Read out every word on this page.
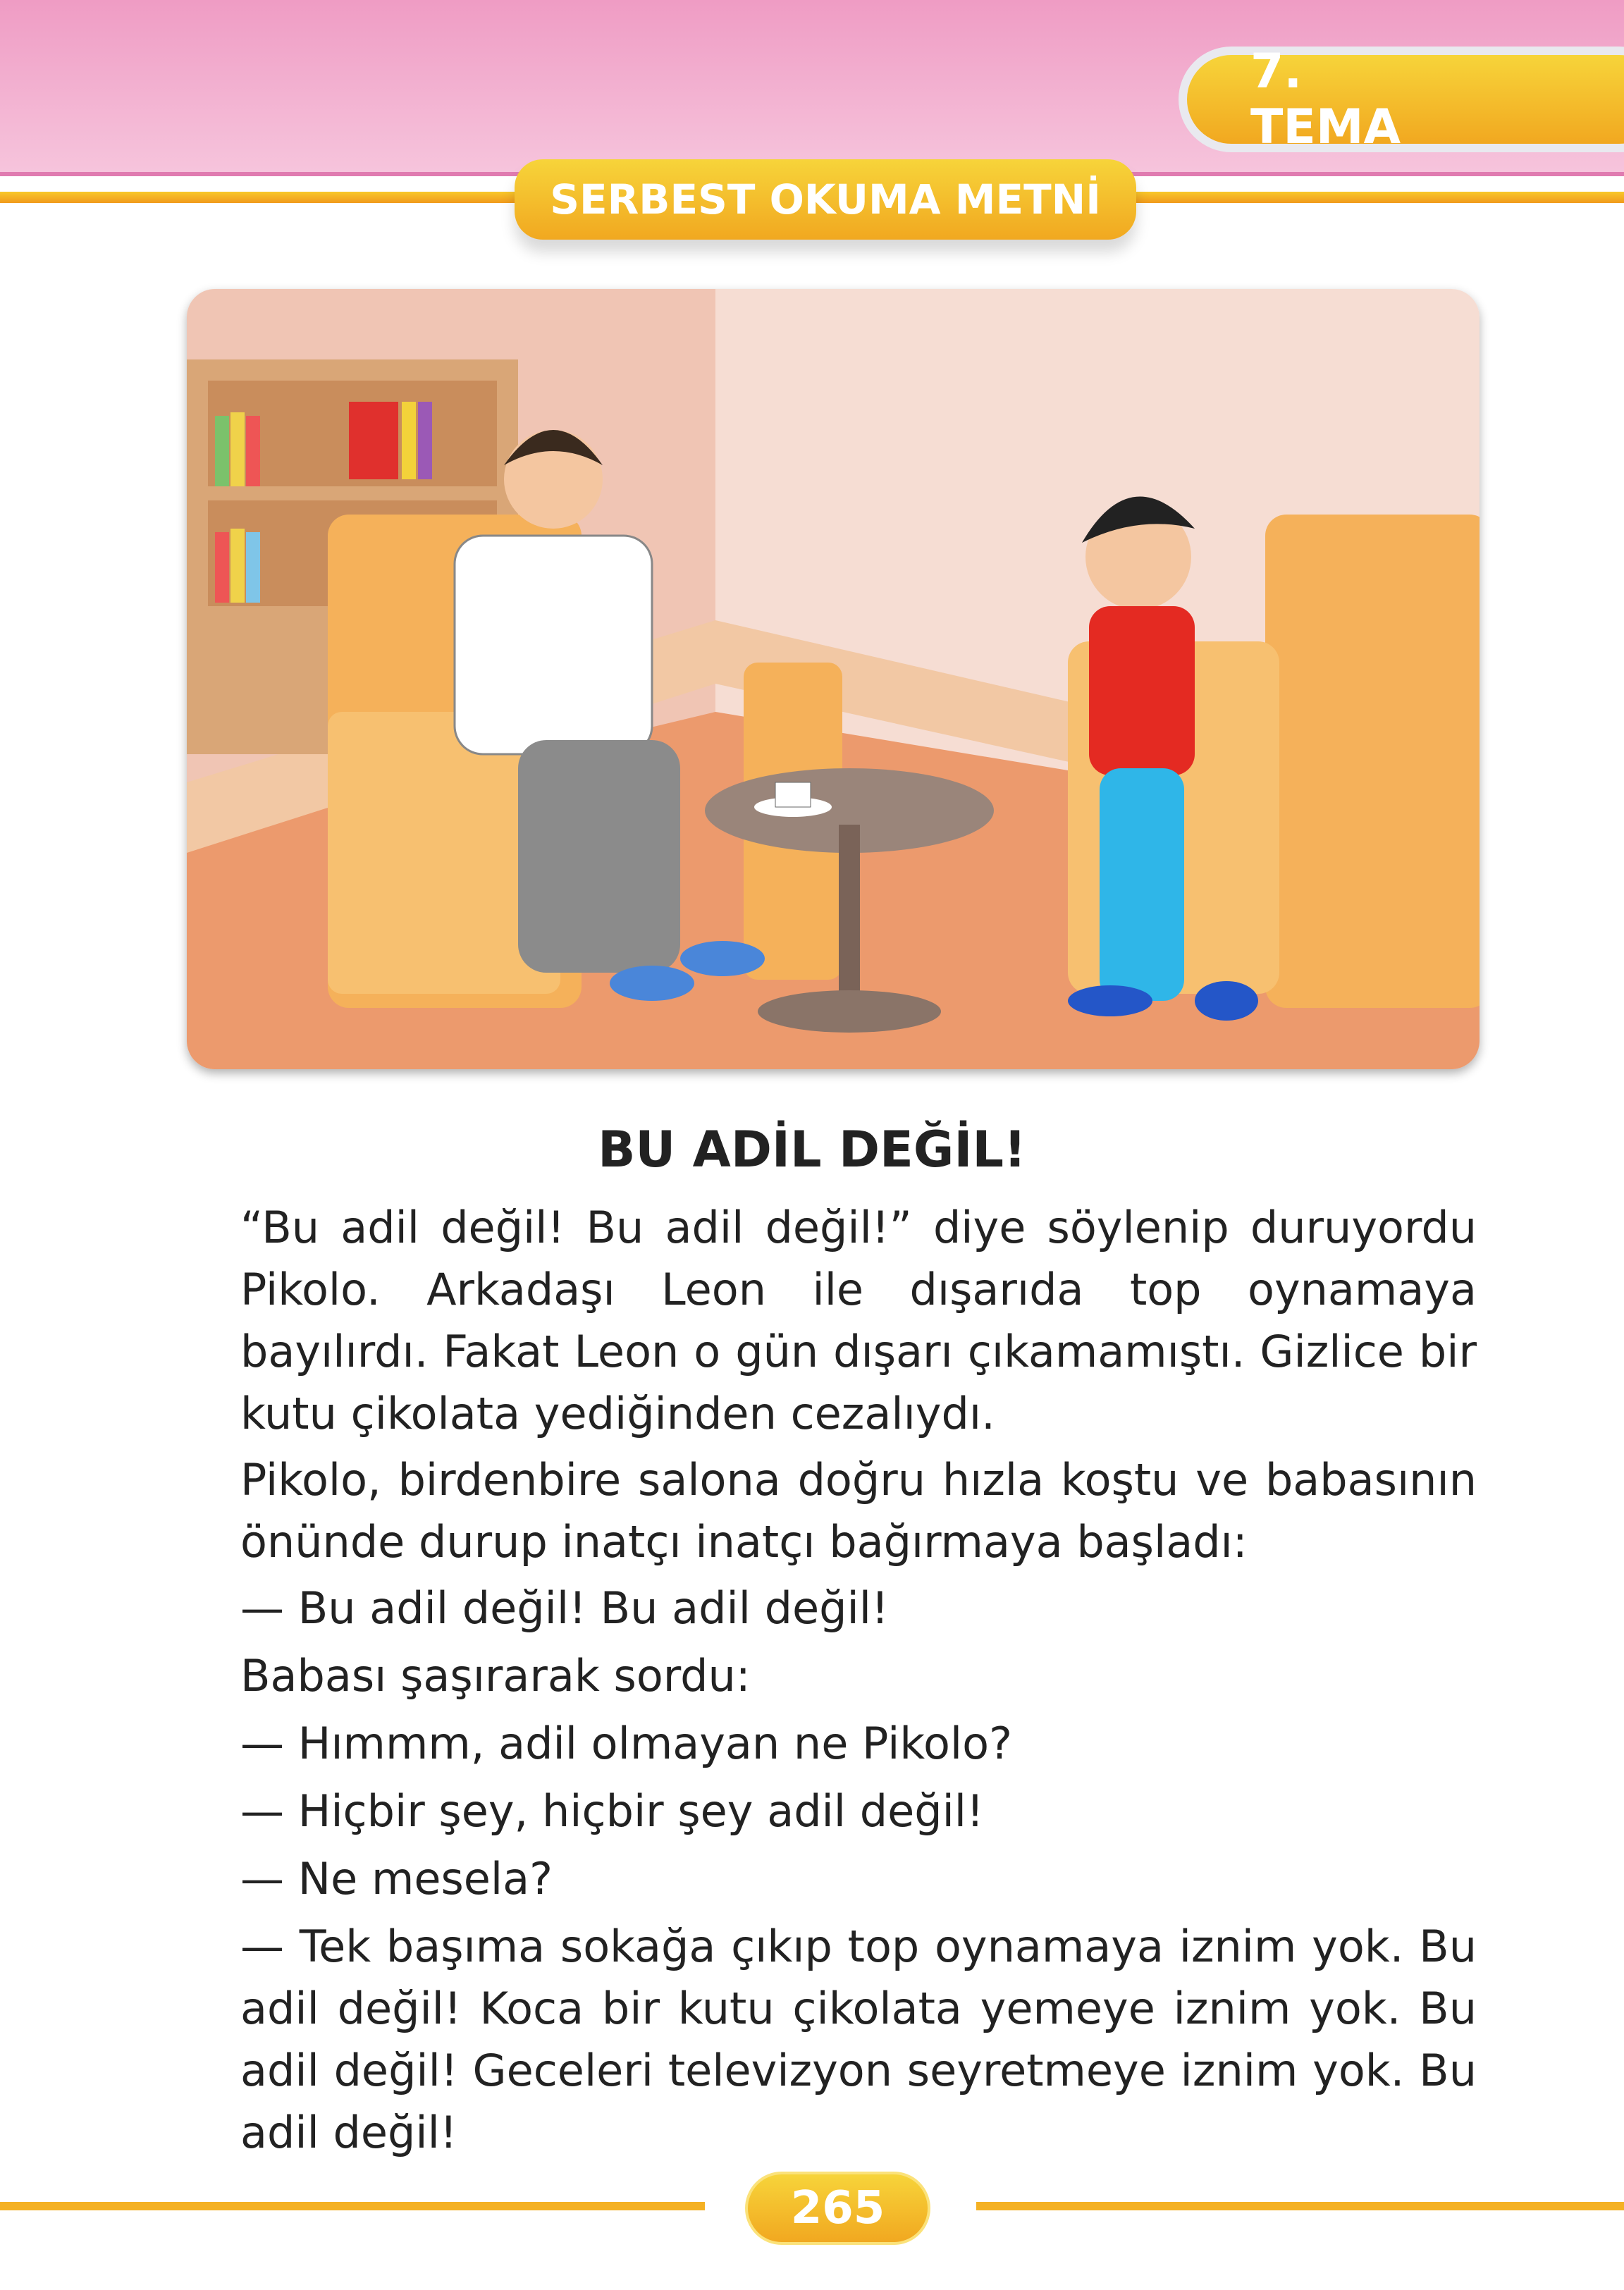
7. TEMA
SERBEST OKUMA METNİ
BU ADİL DEĞİL!

“Bu adil değil! Bu adil değil!” diye söylenip duruyordu Pikolo. Arkadaşı Leon ile dışarıda top oynamaya bayılırdı. Fakat Leon o gün dışarı çıkamamıştı. Gizlice bir kutu çikolata yediğinden cezalıydı.

Pikolo, birdenbire salona doğru hızla koştu ve babasının önünde durup inatçı inatçı bağırmaya başladı:

— Bu adil değil! Bu adil değil!

Babası şaşırarak sordu:

— Hımmm, adil olmayan ne Pikolo?

— Hiçbir şey, hiçbir şey adil değil!

— Ne mesela?

— Tek başıma sokağa çıkıp top oynamaya iznim yok. Bu adil değil! Koca bir kutu çikolata yemeye iznim yok. Bu adil değil! Geceleri televizyon seyretmeye iznim yok. Bu adil değil!

265
